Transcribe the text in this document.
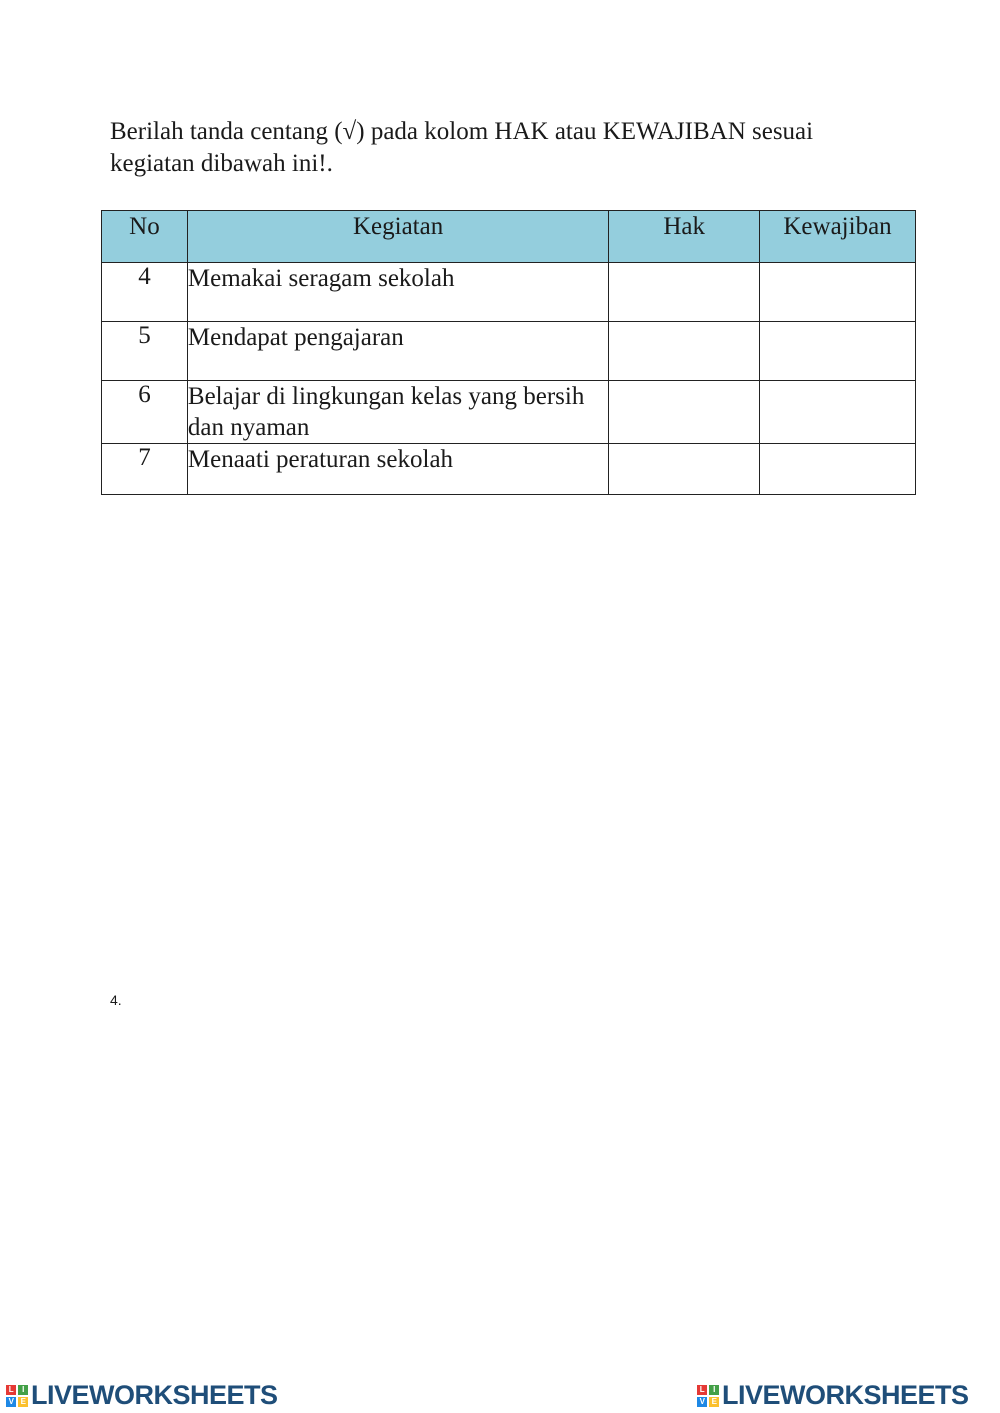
Berilah tanda centang (√) pada kolom HAK atau KEWAJIBAN sesuai
kegiatan dibawah ini!.
No	Kegiatan	Hak	Kewajiban
4	Memakai seragam sekolah		
5	Mendapat pengajaran		
6	Belajar di lingkungan kelas yang bersih dan nyaman		
7	Menaati peraturan sekolah		
4.
L	I
V E LIVEWORKSHEETS	L	I
V E LIVEWORKSHEETS
